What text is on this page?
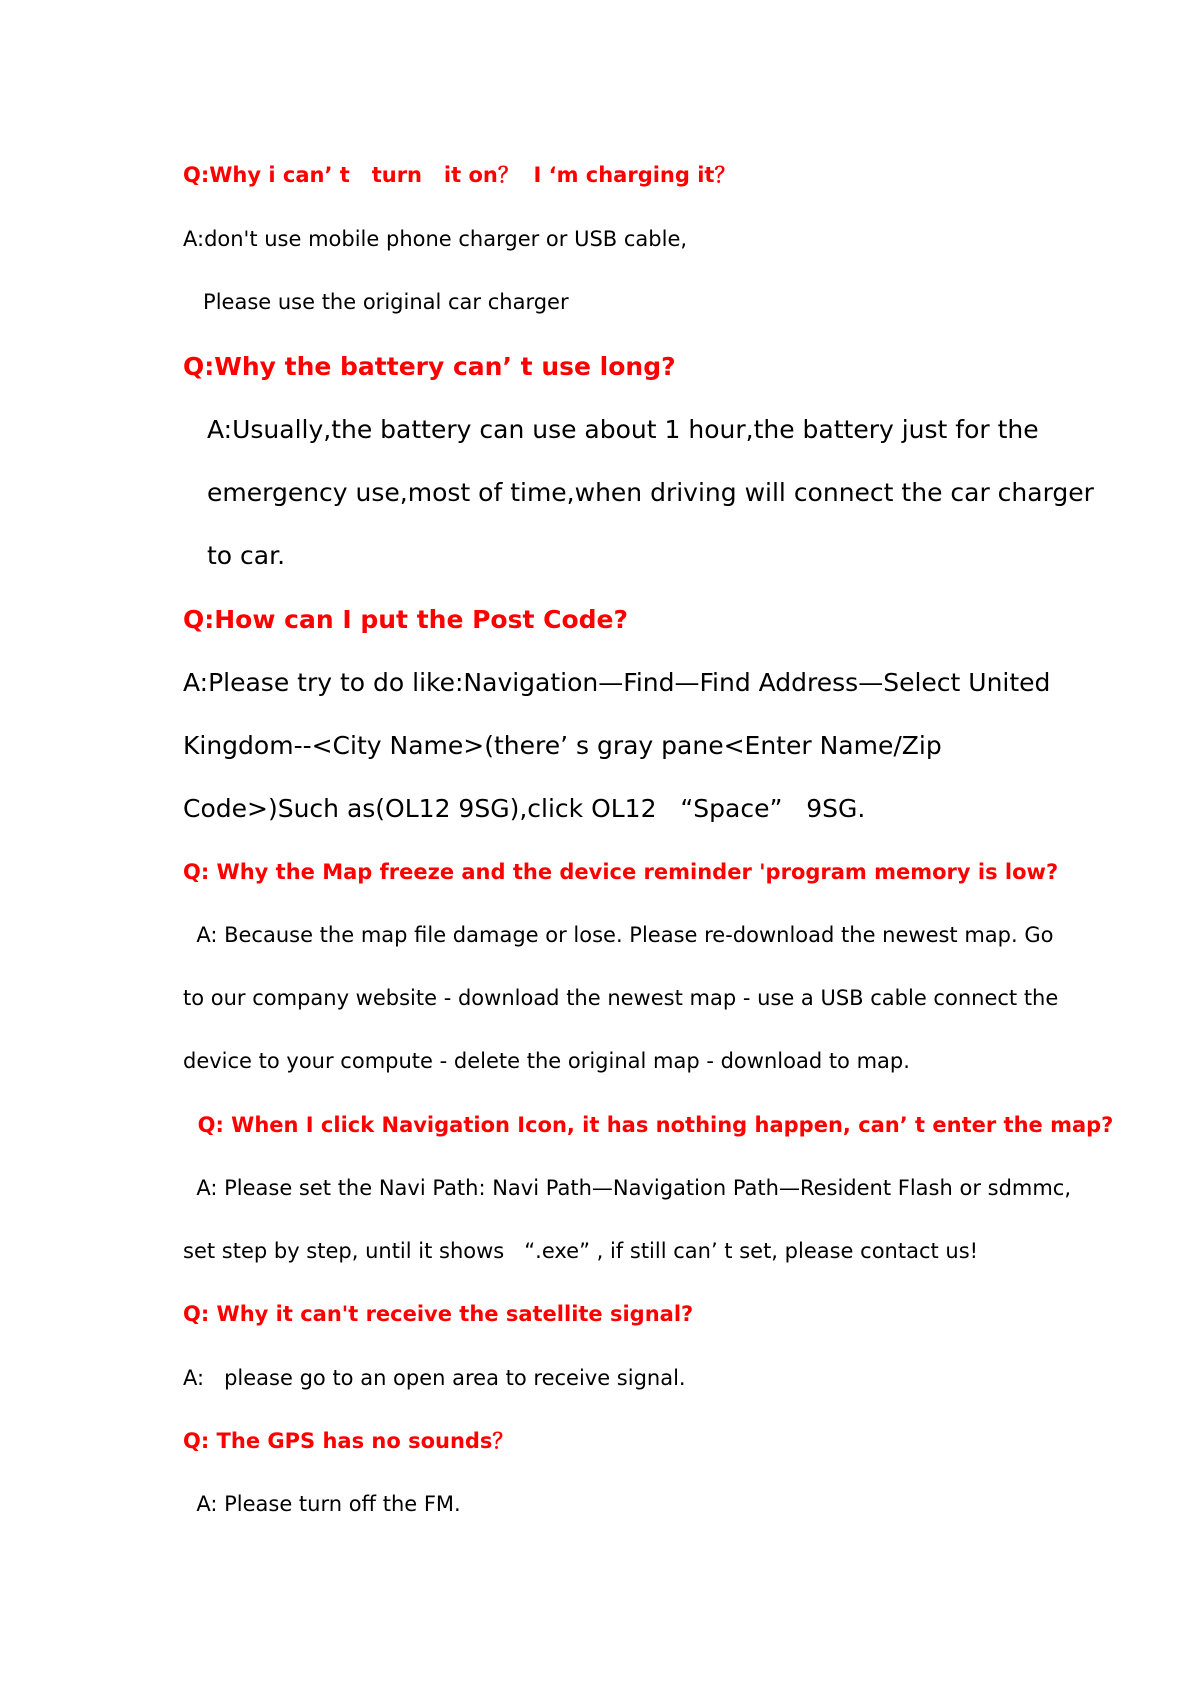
Q:Why i can’ t   turn   it on？  I ‘m charging it？
A:don't use mobile phone charger or USB cable,
Please use the original car charger
Q:Why the battery can’ t use long?
A:Usually,the battery can use about 1 hour,the battery just for the
emergency use,most of time,when driving will connect the car charger
to car.
Q:How can I put the Post Code?
A:Please try to do like:Navigation—Find—Find Address—Select United
Kingdom--<City Name>(there’ s gray pane<Enter Name/Zip
Code>)Such as(OL12 9SG),click OL12   “Space”   9SG.
Q: Why the Map freeze and the device reminder 'program memory is low?
A: Because the map file damage or lose. Please re-download the newest map. Go
to our company website - download the newest map - use a USB cable connect the
device to your compute - delete the original map - download to map.
Q: When I click Navigation Icon, it has nothing happen, can’ t enter the map?
A: Please set the Navi Path: Navi Path—Navigation Path—Resident Flash or sdmmc,
set step by step, until it shows   “.exe” , if still can’ t set, please contact us!
Q: Why it can't receive the satellite signal?
A:   please go to an open area to receive signal.
Q: The GPS has no sounds？
A: Please turn off the FM.
